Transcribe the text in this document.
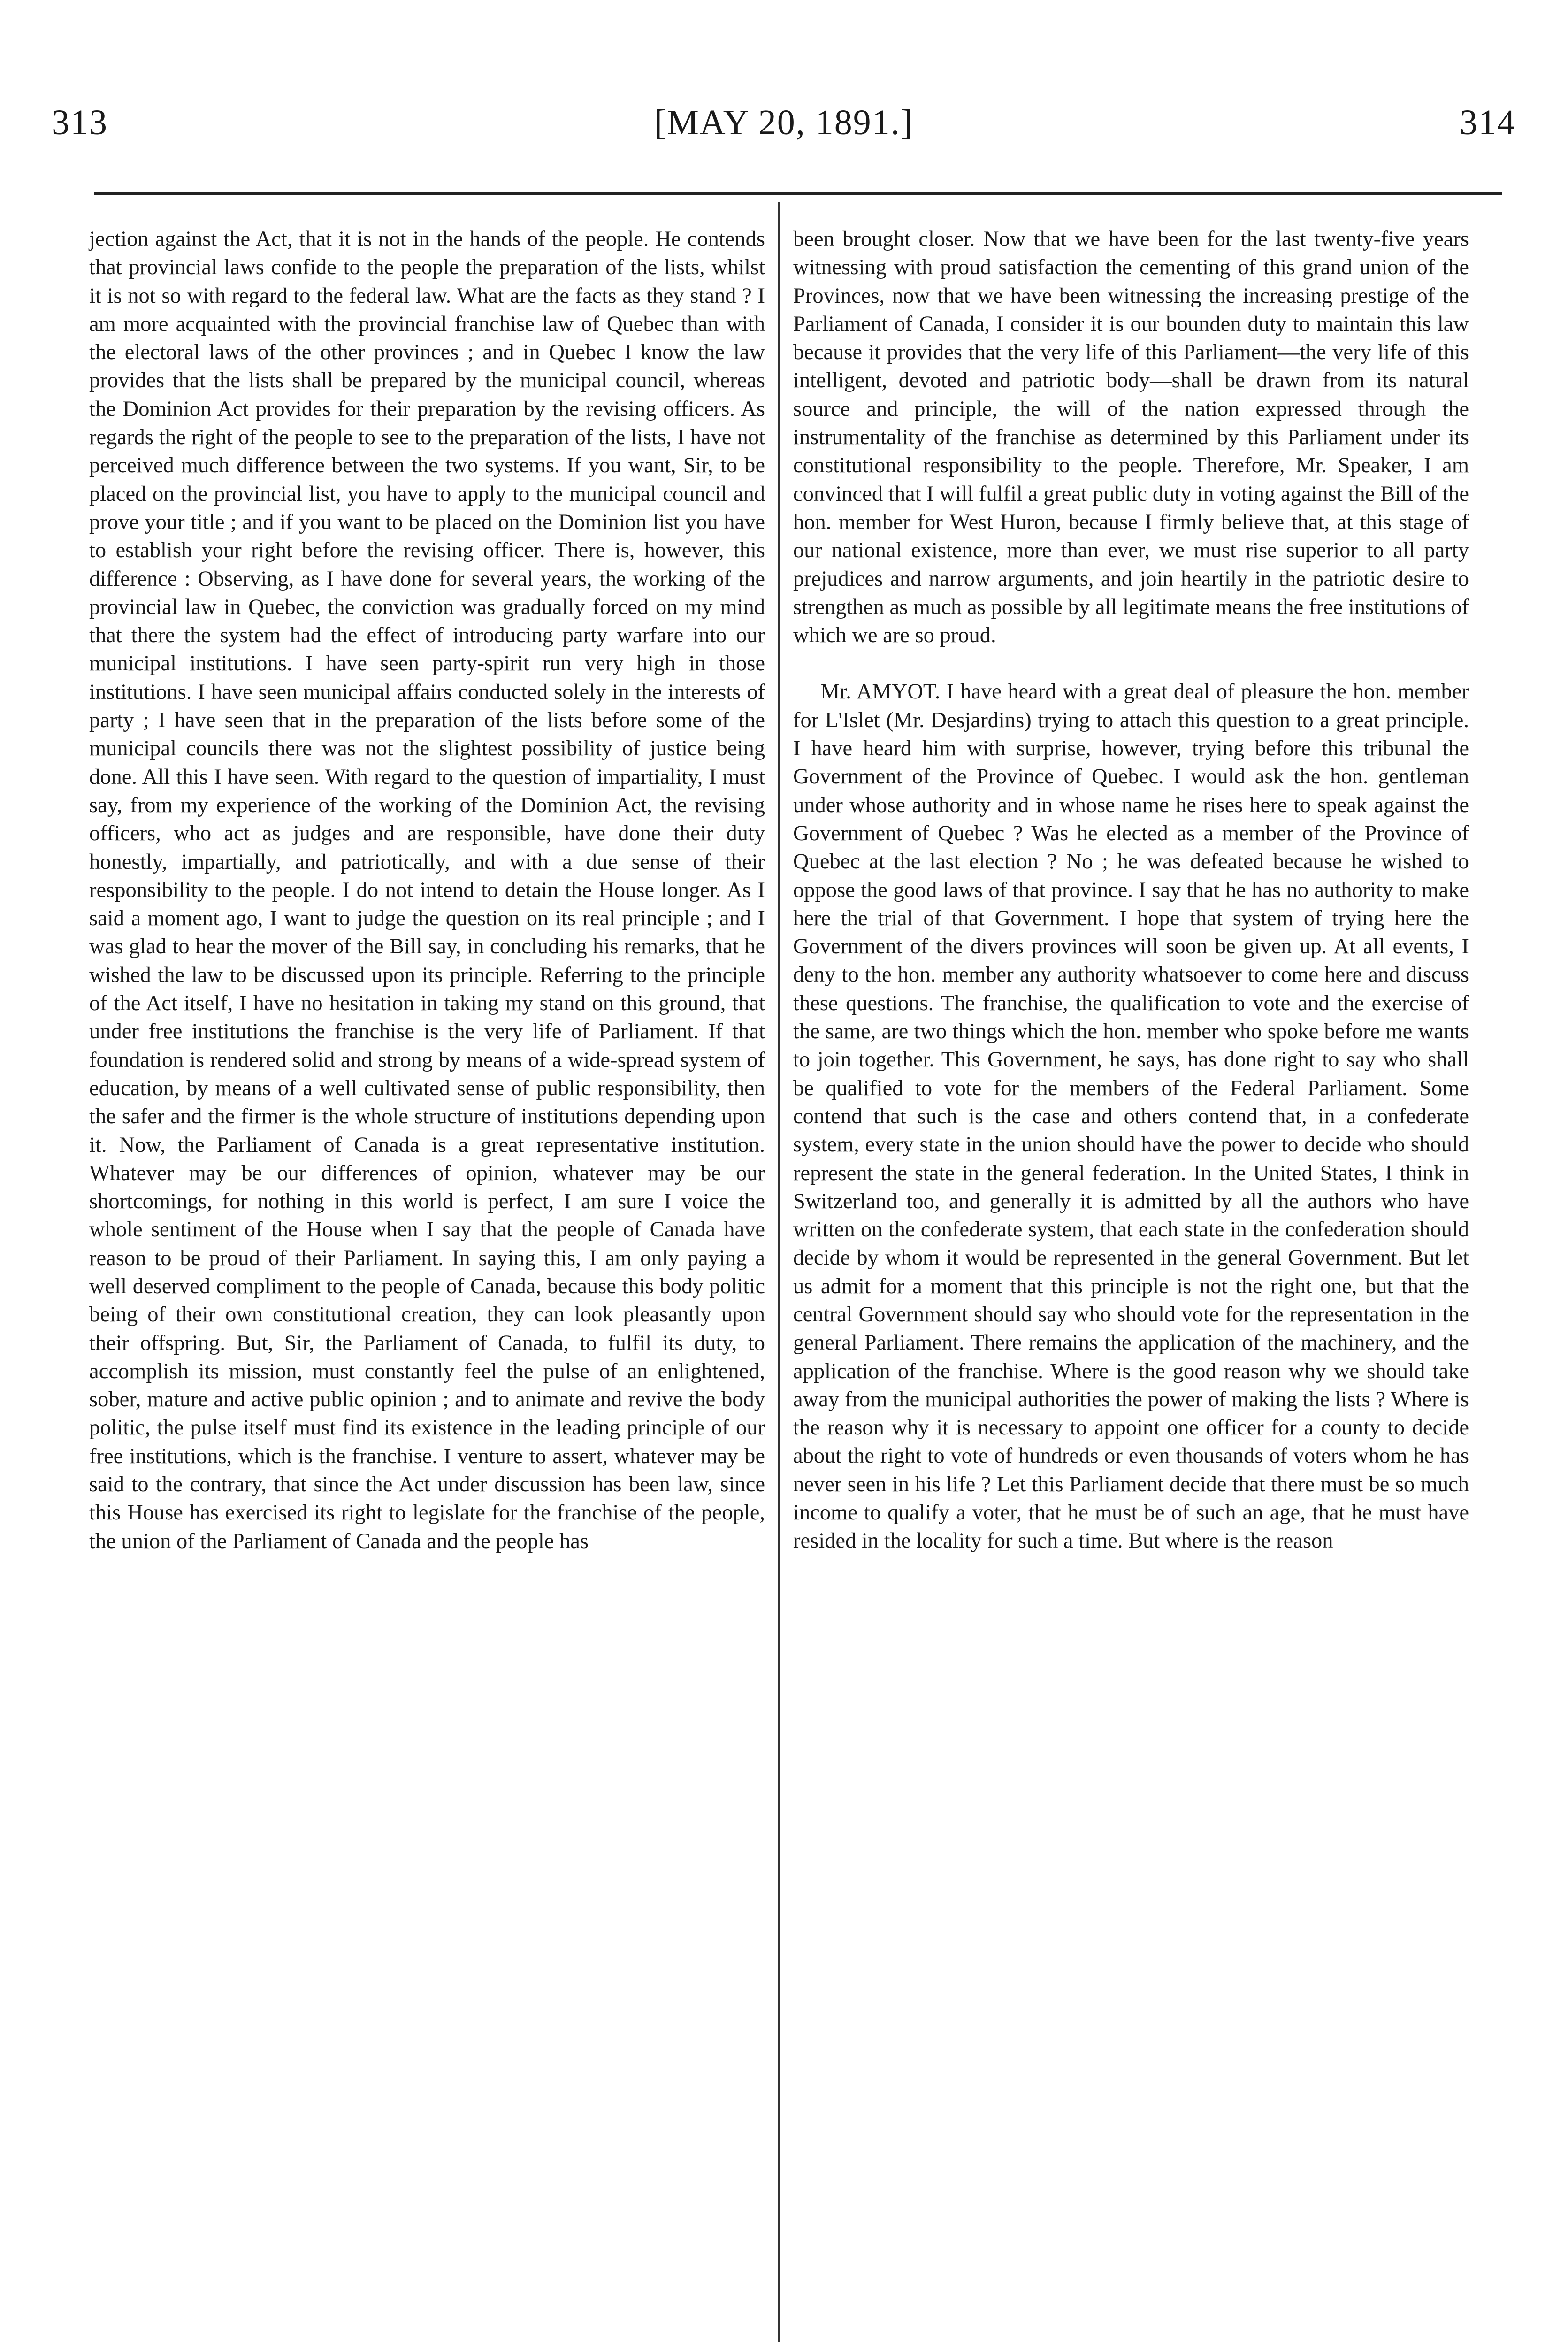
313	[MAY 20, 1891.]	314

jection against the Act, that it is not in the hands of the people. He contends that provincial laws confide to the people the preparation of the lists, whilst it is not so with regard to the federal law. What are the facts as they stand ? I am more acquainted with the provincial franchise law of Quebec than with the electoral laws of the other provinces ; and in Quebec I know the law provides that the lists shall be prepared by the municipal council, whereas the Dominion Act provides for their preparation by the revising officers. As regards the right of the people to see to the preparation of the lists, I have not perceived much difference between the two systems. If you want, Sir, to be placed on the provincial list, you have to apply to the municipal council and prove your title ; and if you want to be placed on the Dominion list you have to establish your right before the revising officer. There is, however, this difference : Observing, as I have done for several years, the working of the provincial law in Quebec, the conviction was gradually forced on my mind that there the system had the effect of introducing party warfare into our municipal institutions. I have seen party-spirit run very high in those institutions. I have seen municipal affairs conducted solely in the interests of party ; I have seen that in the preparation of the lists before some of the municipal councils there was not the slightest possibility of justice being done. All this I have seen. With regard to the question of impartiality, I must say, from my experience of the working of the Dominion Act, the revising officers, who act as judges and are responsible, have done their duty honestly, impartially, and patriotically, and with a due sense of their responsibility to the people. I do not intend to detain the House longer. As I said a moment ago, I want to judge the question on its real principle ; and I was glad to hear the mover of the Bill say, in concluding his remarks, that he wished the law to be discussed upon its principle. Referring to the principle of the Act itself, I have no hesitation in taking my stand on this ground, that under free institutions the franchise is the very life of Parliament. If that foundation is rendered solid and strong by means of a wide-spread system of education, by means of a well cultivated sense of public responsibility, then the safer and the firmer is the whole structure of institutions depending upon it. Now, the Parliament of Canada is a great representative institution. Whatever may be our differences of opinion, whatever may be our shortcomings, for nothing in this world is perfect, I am sure I voice the whole sentiment of the House when I say that the people of Canada have reason to be proud of their Parliament. In saying this, I am only paying a well deserved compliment to the people of Canada, because this body politic being of their own constitutional creation, they can look pleasantly upon their offspring. But, Sir, the Parliament of Canada, to fulfil its duty, to accomplish its mission, must constantly feel the pulse of an enlightened, sober, mature and active public opinion ; and to animate and revive the body politic, the pulse itself must find its existence in the leading principle of our free institutions, which is the franchise. I venture to assert, whatever may be said to the contrary, that since the Act under discussion has been law, since this House has exercised its right to legislate for the franchise of the people, the union of the Parliament of Canada and the people has

been brought closer. Now that we have been for the last twenty-five years witnessing with proud satisfaction the cementing of this grand union of the Provinces, now that we have been witnessing the increasing prestige of the Parliament of Canada, I consider it is our bounden duty to maintain this law because it provides that the very life of this Parliament—the very life of this intelligent, devoted and patriotic body—shall be drawn from its natural source and principle, the will of the nation expressed through the instrumentality of the franchise as determined by this Parliament under its constitutional responsibility to the people. Therefore, Mr. Speaker, I am convinced that I will fulfil a great public duty in voting against the Bill of the hon. member for West Huron, because I firmly believe that, at this stage of our national existence, more than ever, we must rise superior to all party prejudices and narrow arguments, and join heartily in the patriotic desire to strengthen as much as possible by all legitimate means the free institutions of which we are so proud.

Mr. AMYOT. I have heard with a great deal of pleasure the hon. member for L'Islet (Mr. Desjardins) trying to attach this question to a great principle. I have heard him with surprise, however, trying before this tribunal the Government of the Province of Quebec. I would ask the hon. gentleman under whose authority and in whose name he rises here to speak against the Government of Quebec ? Was he elected as a member of the Province of Quebec at the last election ? No ; he was defeated because he wished to oppose the good laws of that province. I say that he has no authority to make here the trial of that Government. I hope that system of trying here the Government of the divers provinces will soon be given up. At all events, I deny to the hon. member any authority whatsoever to come here and discuss these questions. The franchise, the qualification to vote and the exercise of the same, are two things which the hon. member who spoke before me wants to join together. This Government, he says, has done right to say who shall be qualified to vote for the members of the Federal Parliament. Some contend that such is the case and others contend that, in a confederate system, every state in the union should have the power to decide who should represent the state in the general federation. In the United States, I think in Switzerland too, and generally it is admitted by all the authors who have written on the confederate system, that each state in the confederation should decide by whom it would be represented in the general Government. But let us admit for a moment that this principle is not the right one, but that the central Government should say who should vote for the representation in the general Parliament. There remains the application of the machinery, and the application of the franchise. Where is the good reason why we should take away from the municipal authorities the power of making the lists ? Where is the reason why it is necessary to appoint one officer for a county to decide about the right to vote of hundreds or even thousands of voters whom he has never seen in his life ? Let this Parliament decide that there must be so much income to qualify a voter, that he must be of such an age, that he must have resided in the locality for such a time. But where is the reason
